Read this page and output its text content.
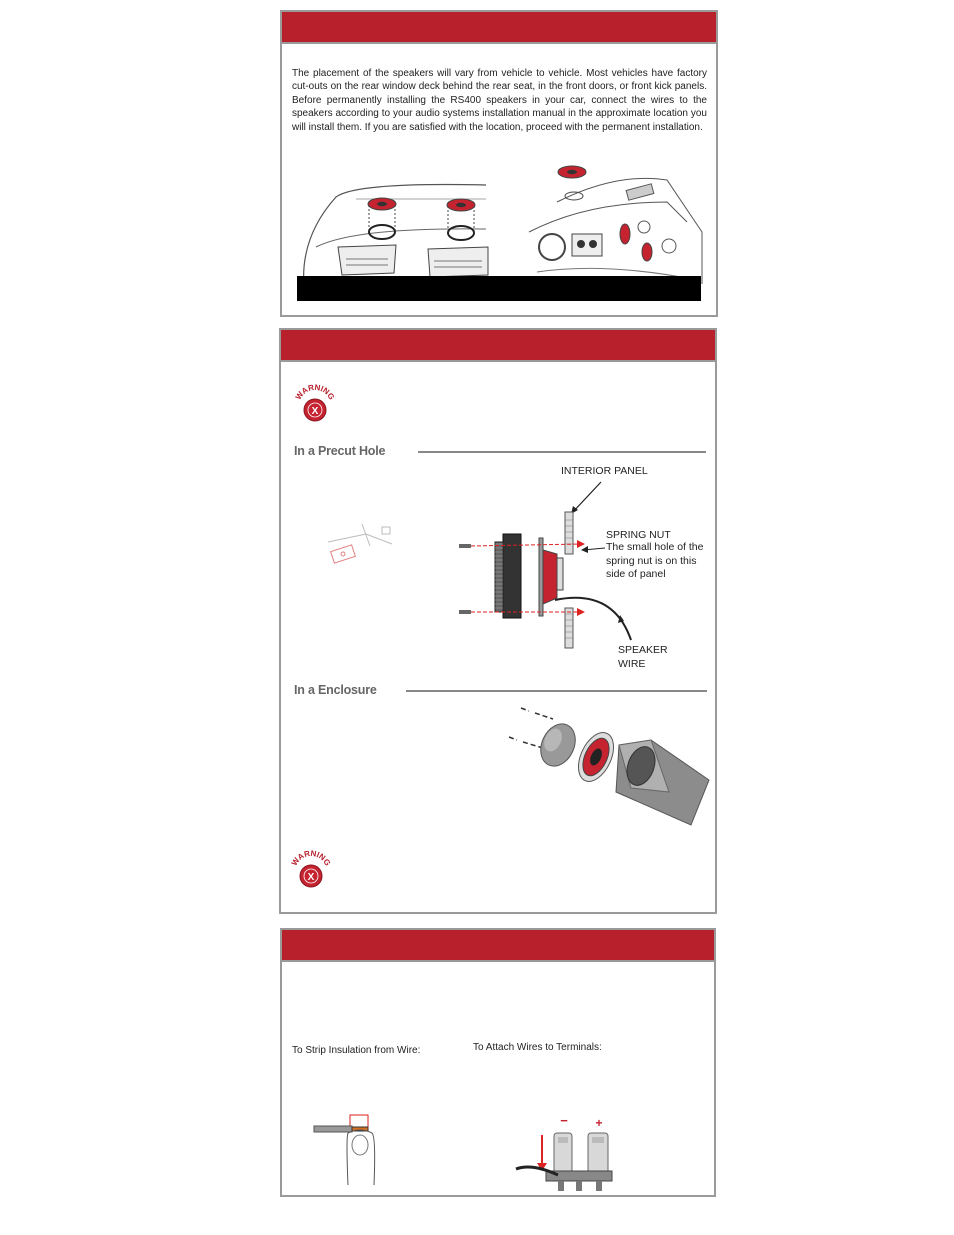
The placement of the speakers will vary from vehicle to vehicle. Most vehicles have factory cut-outs on the rear window deck behind the rear seat, in the front doors, or front kick panels. Before permanently installing the RS400 speakers in your car, connect the wires to the speakers according to your audio systems installation manual in the approximate location you will install them. If you are satisfied with the location, proceed with the permanent installation.
WARNING
X
In a Precut Hole
INTERIOR PANEL
SPRING NUT
The small hole of the spring nut is on this side of panel
SPEAKER
WIRE
In a Enclosure
WARNING
X
To Strip Insulation from Wire:	To Attach Wires to Terminals:
− +
